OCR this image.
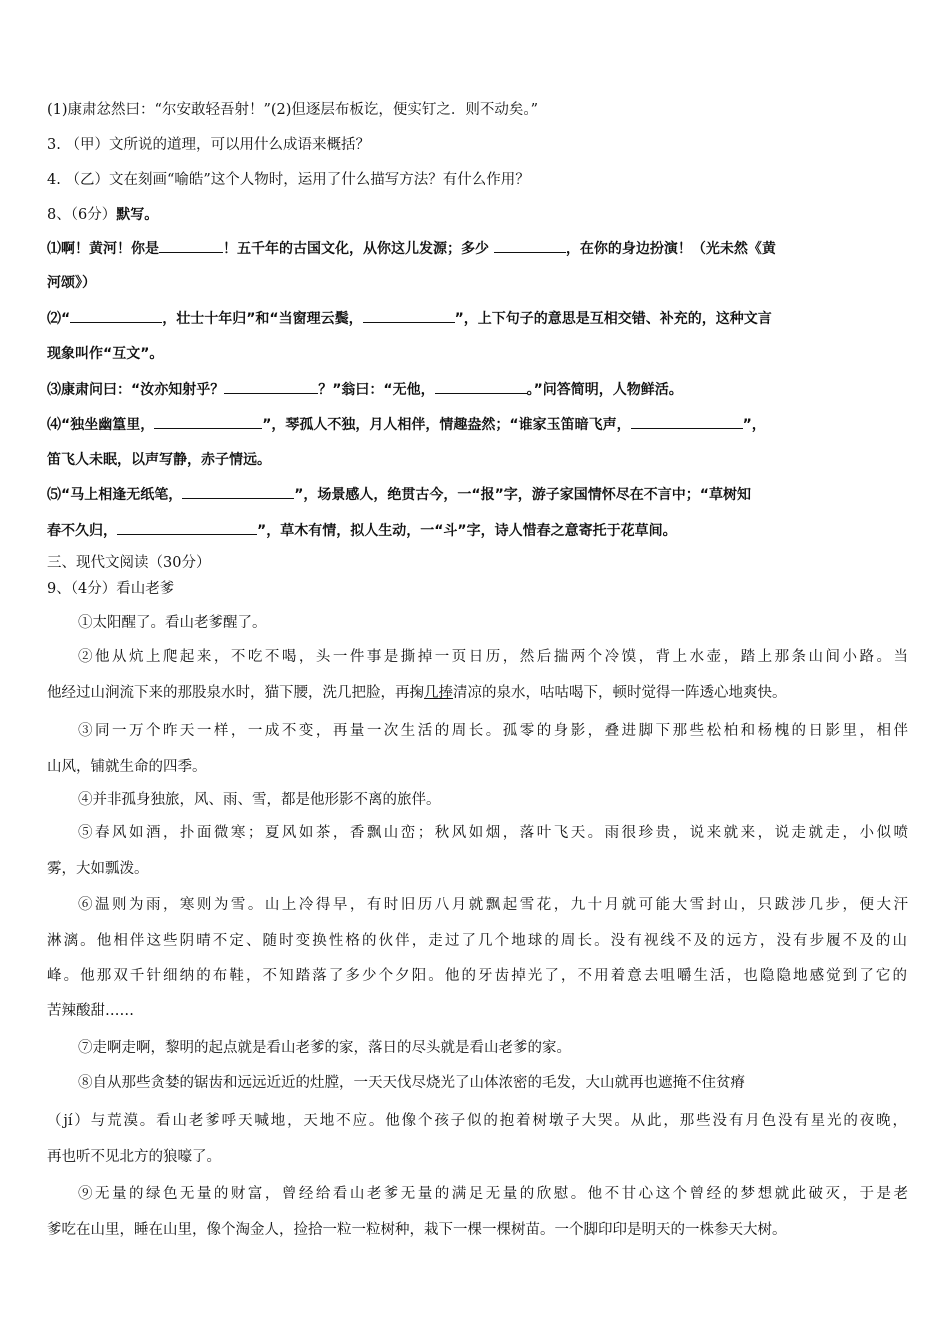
(1)康肃忿然曰：“尔安敢轻吾射！”(2)但逐层布板讫，便实钉之．则不动矣。”
3. （甲）文所说的道理，可以用什么成语来概括？
4. （乙）文在刻画“喻皓”这个人物时，运用了什么描写方法？有什么作用？
8、（6分）默写。
⑴啊！黄河！你是	！五千年的古国文化，从你这儿发源；多少	，在你的身边扮演！（光未然《黄
河颂》）
⑵“	，壮士十年归”和“当窗理云鬓，	”，上下句子的意思是互相交错、补充的，这种文言
现象叫作“互文”。
⑶康肃问曰：“汝亦知射乎？	？”翁曰：“无他，	。”问答简明，人物鲜活。
⑷“独坐幽篁里，	”，琴孤人不独，月人相伴，情趣盎然；“谁家玉笛暗飞声，	”，
笛飞人未眠，以声写静，赤子情远。
⑸“马上相逢无纸笔，	”，场景感人，绝贯古今，一“报”字，游子家国情怀尽在不言中；“草树知
春不久归，	”，草木有情，拟人生动，一“斗”字，诗人惜春之意寄托于花草间。
三、现代文阅读（30分）
9、（4分）看山老爹
①太阳醒了。看山老爹醒了。
②他从炕上爬起来，不吃不喝，头一件事是撕掉一页日历，然后揣两个冷馍，背上水壶，踏上那条山间小路。当
他经过山涧流下来的那股泉水时，猫下腰，洗几把脸，再掬几捧清凉的泉水，咕咕喝下，顿时觉得一阵透心地爽快。
③同一万个昨天一样，一成不变，再量一次生活的周长。孤零的身影，叠进脚下那些松柏和杨槐的日影里，相伴
山风，铺就生命的四季。
④并非孤身独旅，风、雨、雪，都是他形影不离的旅伴。
⑤春风如酒，扑面微寒；夏风如茶，香飘山峦；秋风如烟，落叶飞天。雨很珍贵，说来就来，说走就走，小似喷
雾，大如瓢泼。
⑥温则为雨，寒则为雪。山上冷得早，有时旧历八月就飘起雪花，九十月就可能大雪封山，只跋涉几步，便大汗
淋漓。他相伴这些阴晴不定、随时变换性格的伙伴，走过了几个地球的周长。没有视线不及的远方，没有步履不及的山
峰。他那双千针细纳的布鞋，不知踏落了多少个夕阳。他的牙齿掉光了，不用着意去咀嚼生活，也隐隐地感觉到了它的
苦辣酸甜……
⑦走啊走啊，黎明的起点就是看山老爹的家，落日的尽头就是看山老爹的家。
⑧自从那些贪婪的锯齿和远远近近的灶膛，一天天伐尽烧光了山体浓密的毛发，大山就再也遮掩不住贫瘠
（jí）与荒漠。看山老爹呼天喊地，天地不应。他像个孩子似的抱着树墩子大哭。从此，那些没有月色没有星光的夜晚，
再也听不见北方的狼嚎了。
⑨无量的绿色无量的财富，曾经给看山老爹无量的满足无量的欣慰。他不甘心这个曾经的梦想就此破灭，于是老
爹吃在山里，睡在山里，像个淘金人，捡拾一粒一粒树种，栽下一棵一棵树苗。一个脚印印是明天的一株参天大树。
